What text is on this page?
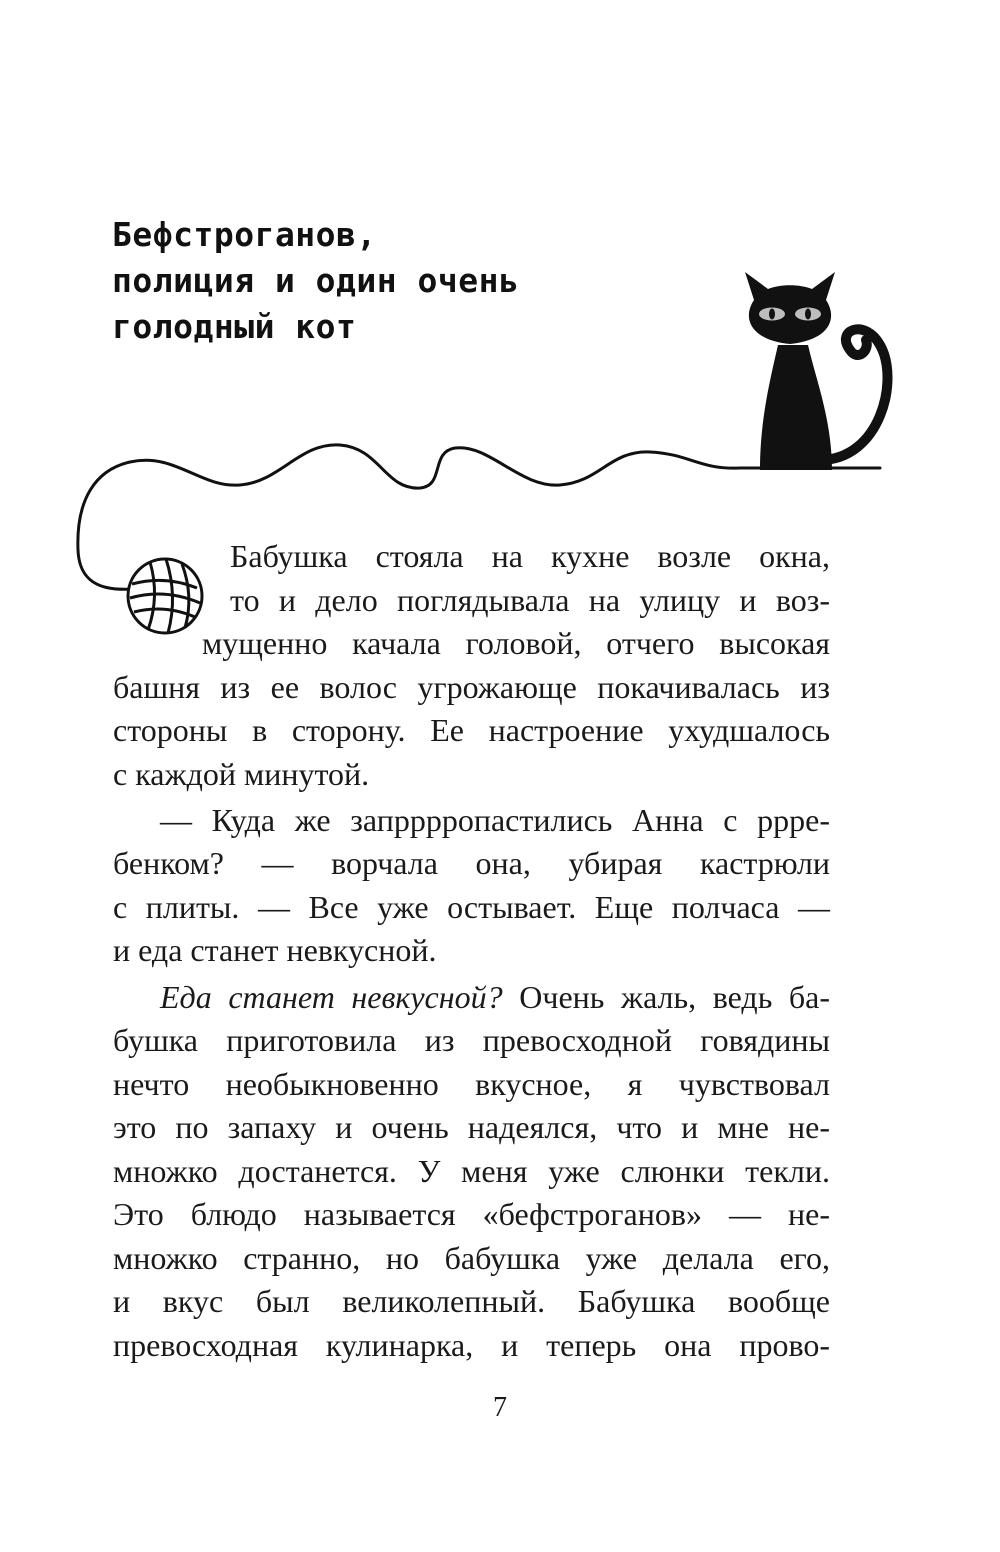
Бефстроганов,
полиция и один очень
голодный кот
Бабушка стояла на кухне возле окна,
то и дело поглядывала на улицу и воз-
мущенно качала головой, отчего высокая
башня из ее волос угрожающе покачивалась из
стороны в сторону. Ее настроение ухудшалось
с каждой минутой.
— Куда же запрррропастились Анна с ррре-
бенком? — ворчала она, убирая кастрюли
с плиты. — Все уже остывает. Еще полчаса —
и еда станет невкусной.
Еда станет невкусной? Очень жаль, ведь ба-
бушка приготовила из превосходной говядины
нечто необыкновенно вкусное, я чувствовал
это по запаху и очень надеялся, что и мне не-
множко достанется. У меня уже слюнки текли.
Это блюдо называется «бефстроганов» — не-
множко странно, но бабушка уже делала его,
и вкус был великолепный. Бабушка вообще
превосходная кулинарка, и теперь она прово-
7
